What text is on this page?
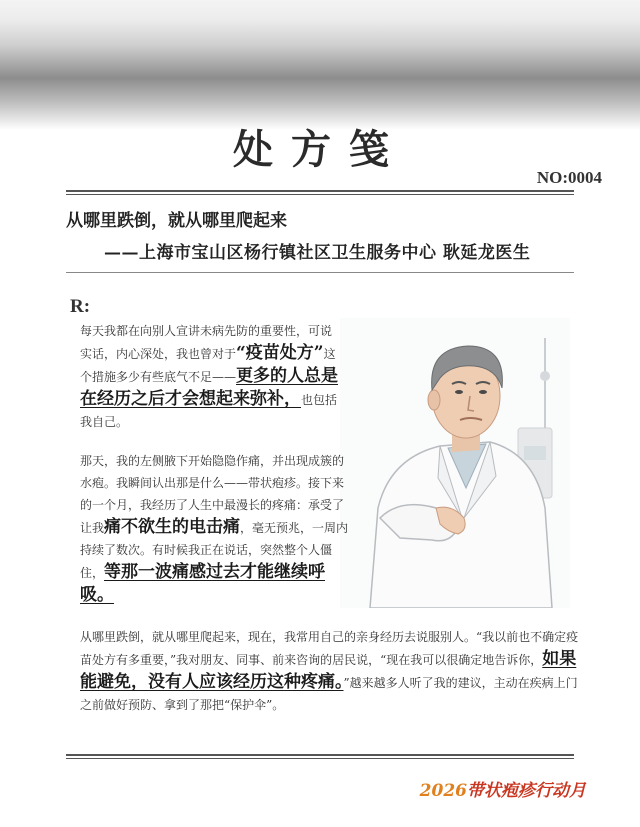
处方笺
NO:0004
从哪里跌倒，就从哪里爬起来
——上海市宝山区杨行镇社区卫生服务中心 耿延龙医生
R:
每天我都在向别人宣讲未病先防的重要性，可说实话，内心深处，我也曾对于“疫苗处方”这个措施多少有些底气不足——更多的人总是在经历之后才会想起来弥补，也包括我自己。
那天，我的左侧腋下开始隐隐作痛，并出现成簇的水疱。我瞬间认出那是什么——带状疱疹。接下来的一个月，我经历了人生中最漫长的疼痛：承受了让我痛不欲生的电击痛，毫无预兆，一周内持续了数次。有时候我正在说话，突然整个人僵住，等那一波痛感过去才能继续呼吸。
从哪里跌倒，就从哪里爬起来，现在，我常用自己的亲身经历去说服别人。“我以前也不确定疫苗处方有多重要，”我对朋友、同事、前来咨询的居民说，“现在我可以很确定地告诉你，如果能避免，没有人应该经历这种疼痛。”越来越多人听了我的建议，主动在疾病上门之前做好预防、拿到了那把“保护伞”。
2026带状疱疹行动月
